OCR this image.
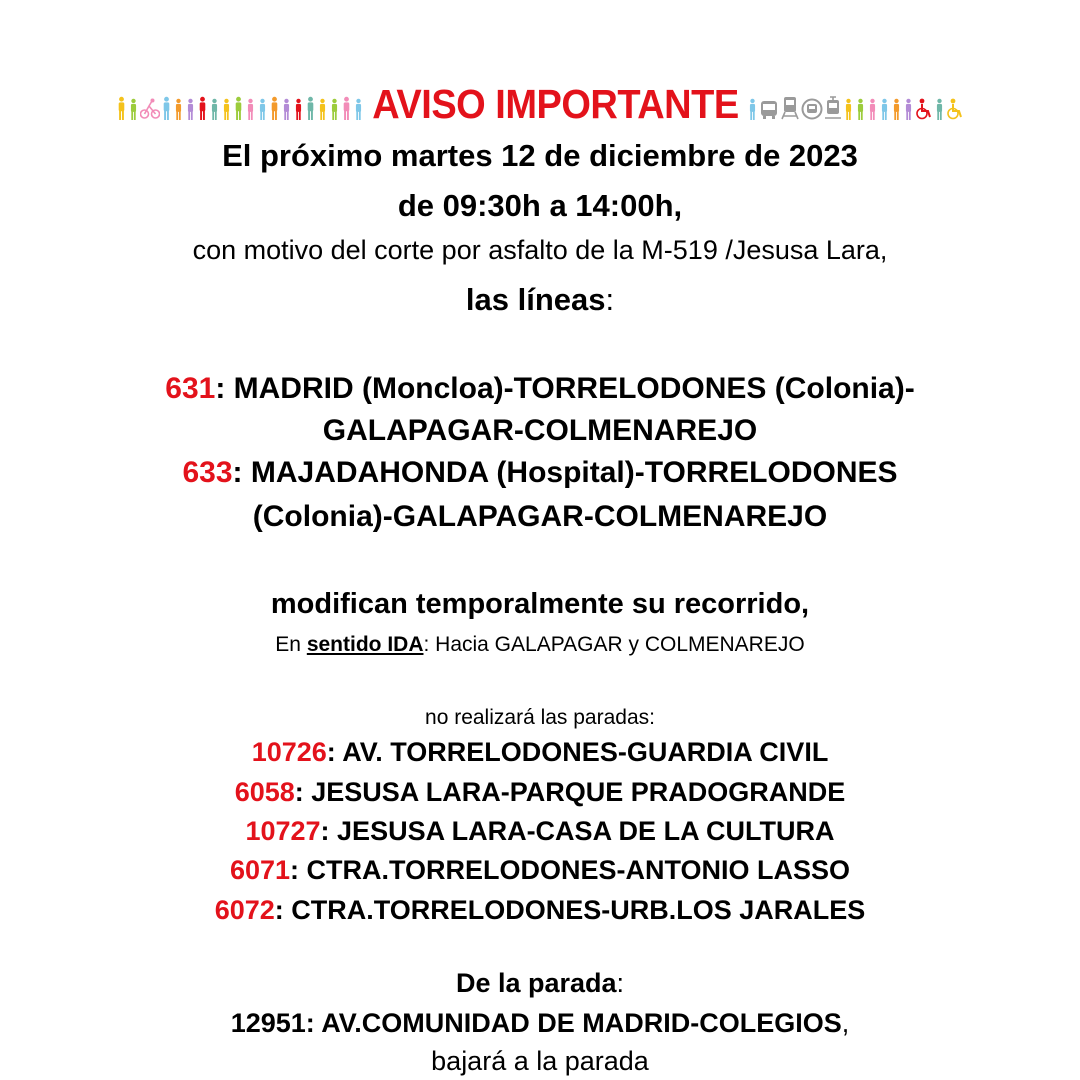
AVISO IMPORTANTE
El próximo martes 12 de diciembre de 2023
de 09:30h a 14:00h,
con motivo del corte por asfalto de la M-519 /Jesusa Lara,
las líneas:
631: MADRID (Moncloa)-TORRELODONES (Colonia)-
GALAPAGAR-COLMENAREJO
633: MAJADAHONDA (Hospital)-TORRELODONES
(Colonia)-GALAPAGAR-COLMENAREJO
modifican temporalmente su recorrido,
En sentido IDA: Hacia GALAPAGAR y COLMENAREJO
no realizará las paradas:
10726: AV. TORRELODONES-GUARDIA CIVIL
6058: JESUSA LARA-PARQUE PRADOGRANDE
10727: JESUSA LARA-CASA DE LA CULTURA
6071: CTRA.TORRELODONES-ANTONIO LASSO
6072: CTRA.TORRELODONES-URB.LOS JARALES
De la parada:
12951: AV.COMUNIDAD DE MADRID-COLEGIOS,
bajará a la parada
